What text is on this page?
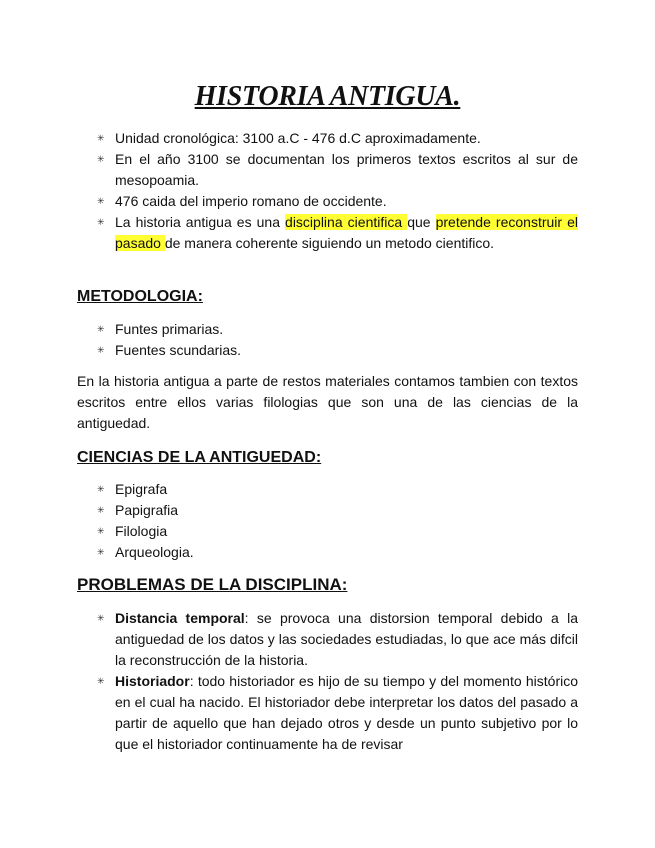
HISTORIA ANTIGUA.
✳ Unidad cronológica: 3100 a.C - 476 d.C aproximadamente.
✳ En el año 3100 se documentan los primeros textos escritos al sur de mesopoamia.
✳ 476 caida del imperio romano de occidente.
✳ La historia antigua es una disciplina cientifica que pretende reconstruir el pasado de manera coherente siguiendo un metodo cientifico.
METODOLOGIA:
✳ Funtes primarias.
✳ Fuentes scundarias.

En la historia antigua a parte de restos materiales contamos tambien con textos escritos entre ellos varias filologias que son una de las ciencias de la antiguedad.

CIENCIAS DE LA ANTIGUEDAD:
✳ Epigrafa
✳ Papigrafia
✳ Filologia
✳ Arqueologia.
PROBLEMAS DE LA DISCIPLINA:
✳ Distancia temporal: se provoca una distorsion temporal debido a la antiguedad de los datos y las sociedades estudiadas, lo que ace más difcil la reconstrucción de la historia.
✳ Historiador: todo historiador es hijo de su tiempo y del momento histórico en el cual ha nacido. El historiador debe interpretar los datos del pasado a partir de aquello que han dejado otros y desde un punto subjetivo por lo que el historiador continuamente ha de revisar
